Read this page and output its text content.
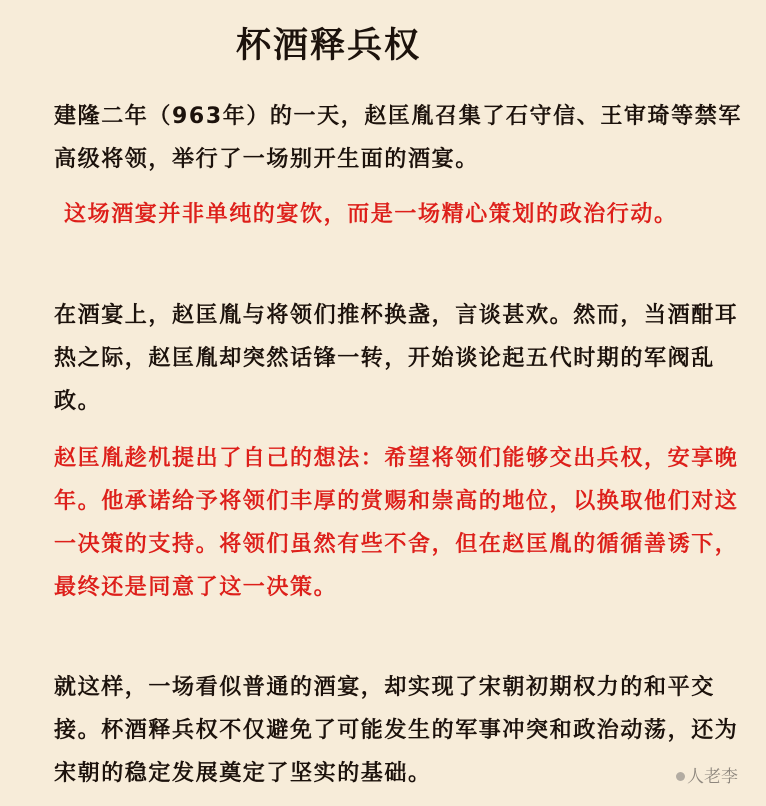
杯酒释兵权

建隆二年（963年）的一天，赵匡胤召集了石守信、王审琦等禁军高级将领，举行了一场别开生面的酒宴。

这场酒宴并非单纯的宴饮，而是一场精心策划的政治行动。

在酒宴上，赵匡胤与将领们推杯换盏，言谈甚欢。然而，当酒酣耳热之际，赵匡胤却突然话锋一转，开始谈论起五代时期的军阀乱政。

赵匡胤趁机提出了自己的想法：希望将领们能够交出兵权，安享晚年。他承诺给予将领们丰厚的赏赐和崇高的地位，以换取他们对这一决策的支持。将领们虽然有些不舍，但在赵匡胤的循循善诱下，最终还是同意了这一决策。

就这样，一场看似普通的酒宴，却实现了宋朝初期权力的和平交接。杯酒释兵权不仅避免了可能发生的军事冲突和政治动荡，还为宋朝的稳定发展奠定了坚实的基础。	人老李
